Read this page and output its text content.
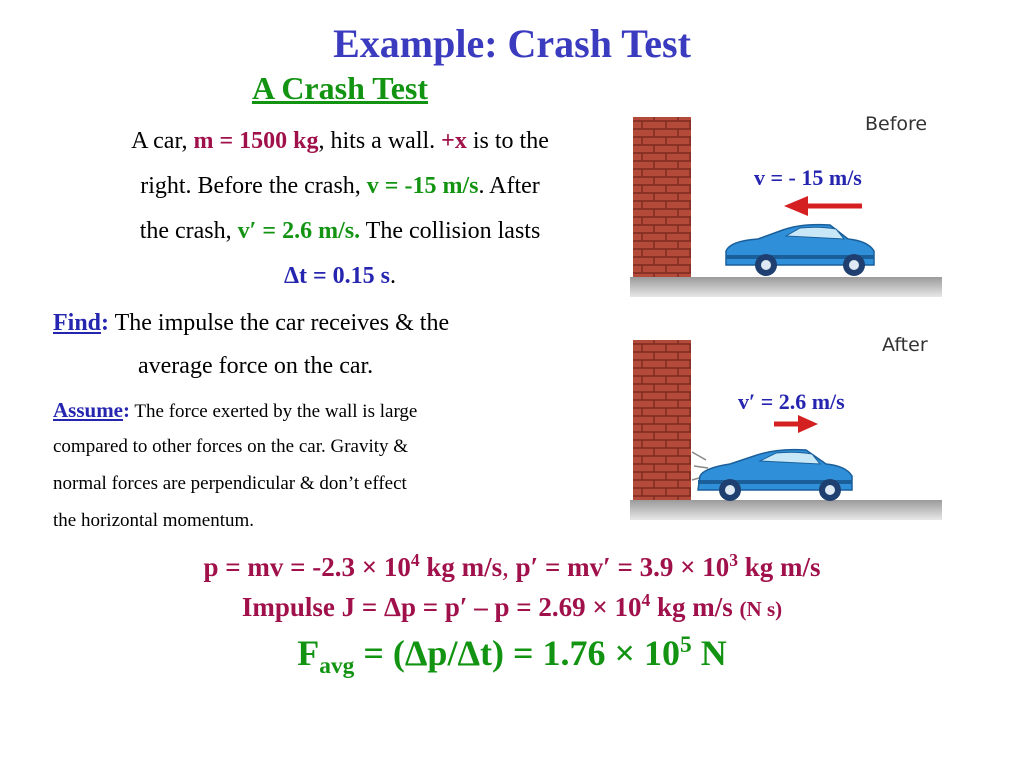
Example: Crash Test
A Crash Test
A car, m = 1500 kg, hits a wall. +x is to the
right. Before the crash, v = -15 m/s. After
the crash, v′ = 2.6 m/s. The collision lasts
Δt = 0.15 s.
Find: The impulse the car receives & the
average force on the car.
Assume: The force exerted by the wall is large
compared to other forces on the car. Gravity &
normal forces are perpendicular & don’t effect
the horizontal momentum.
Before
v = - 15 m/s
After
v′ = 2.6 m/s
p = mv = $-2.3 \times 10^4$ kg m/s, $p' = mv' = 3.9 \times 10^3$ kg m/s
Impulse $J = \Delta p = p' - p = 2.69 \times 10^4$ kg m/s (N s)
$F_{avg} = (\Delta p/\Delta t) = 1.76 \times 10^5$ N
